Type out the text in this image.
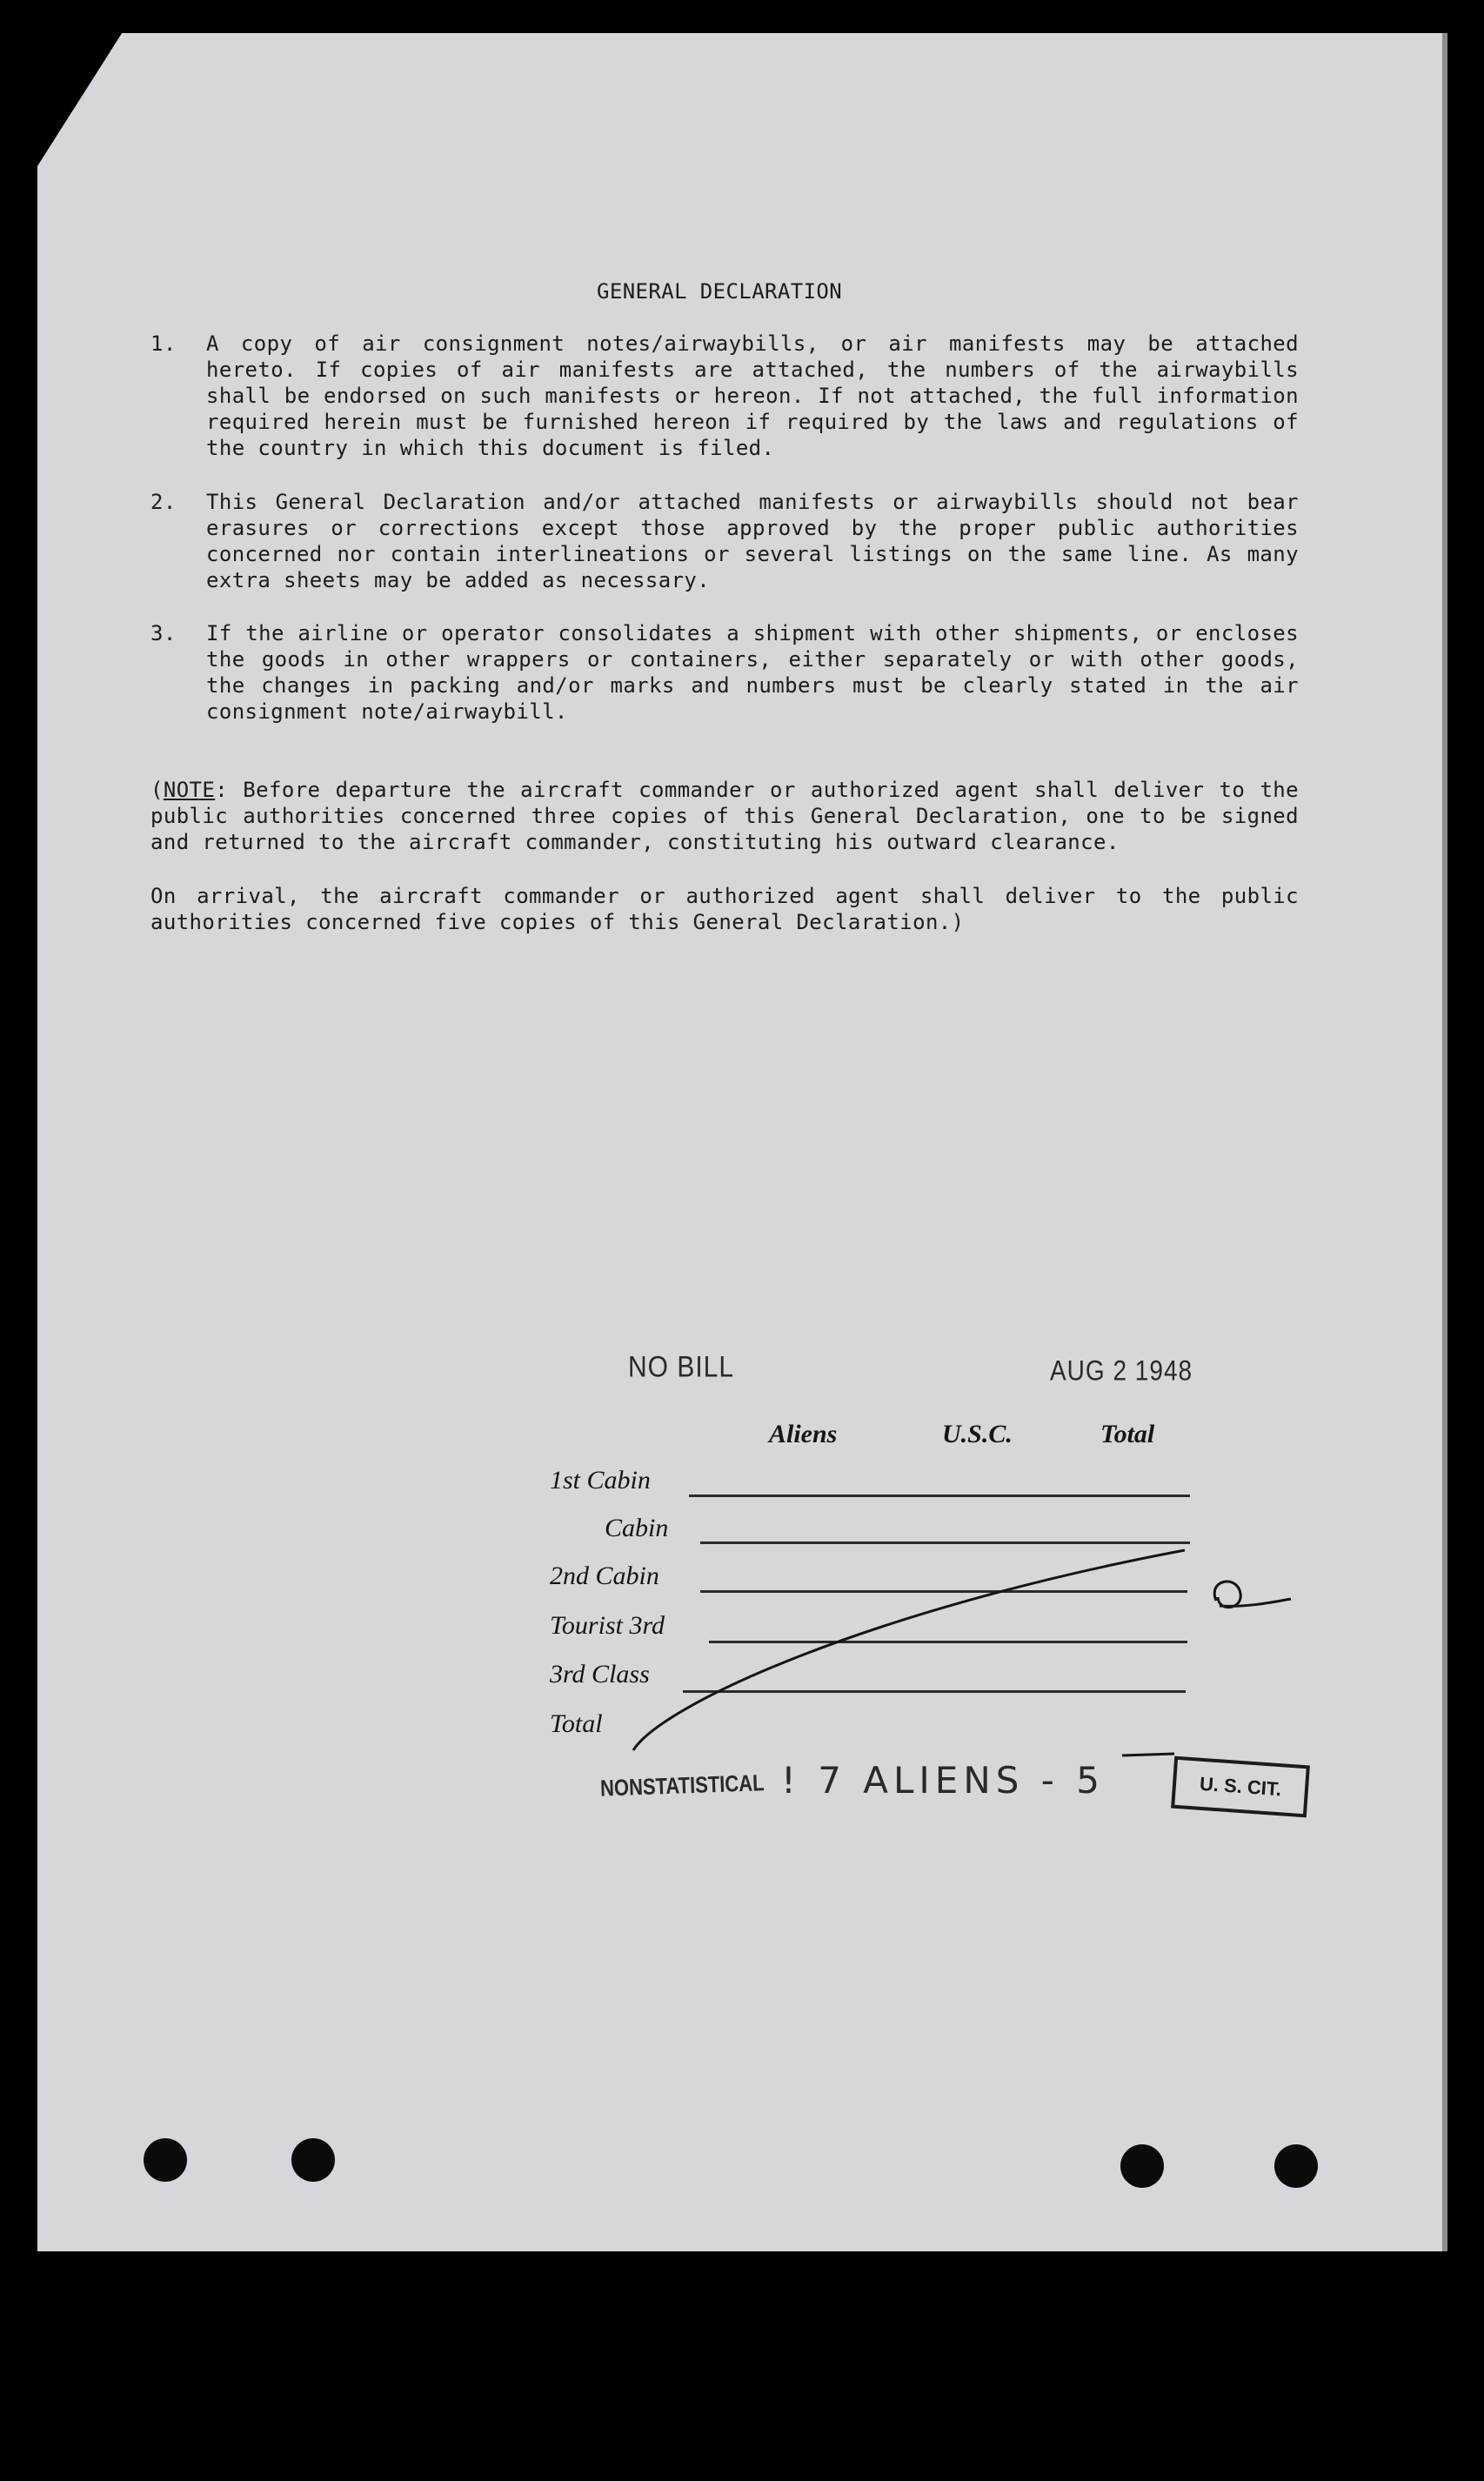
GENERAL DECLARATION
1. A copy of air consignment notes/airwaybills, or air manifests may be attached hereto. If copies of air manifests are attached, the numbers of the airwaybills shall be endorsed on such manifests or hereon. If not attached, the full information required herein must be furnished hereon if required by the laws and regulations of the country in which this document is filed.
2. This General Declaration and/or attached manifests or airwaybills should not bear erasures or corrections except those approved by the proper public authorities concerned nor contain interlineations or several listings on the same line. As many extra sheets may be added as necessary.
3. If the airline or operator consolidates a shipment with other shipments, or encloses the goods in other wrappers or containers, either separately or with other goods, the changes in packing and/or marks and numbers must be clearly stated in the air consignment note/airwaybill.
(NOTE: Before departure the aircraft commander or authorized agent shall deliver to the public authorities concerned three copies of this General Declaration, one to be signed and returned to the aircraft commander, constituting his outward clearance.
On arrival, the aircraft commander or authorized agent shall deliver to the public authorities concerned five copies of this General Declaration.)
NO BILL	AUG 2 1948
Aliens	U.S.C.	Total
1st Cabin
Cabin
2nd Cabin
Tourist 3rd
3rd Class
Total
NONSTATISTICAL ! 7 ALIENS - 5	U. S. CIT.
